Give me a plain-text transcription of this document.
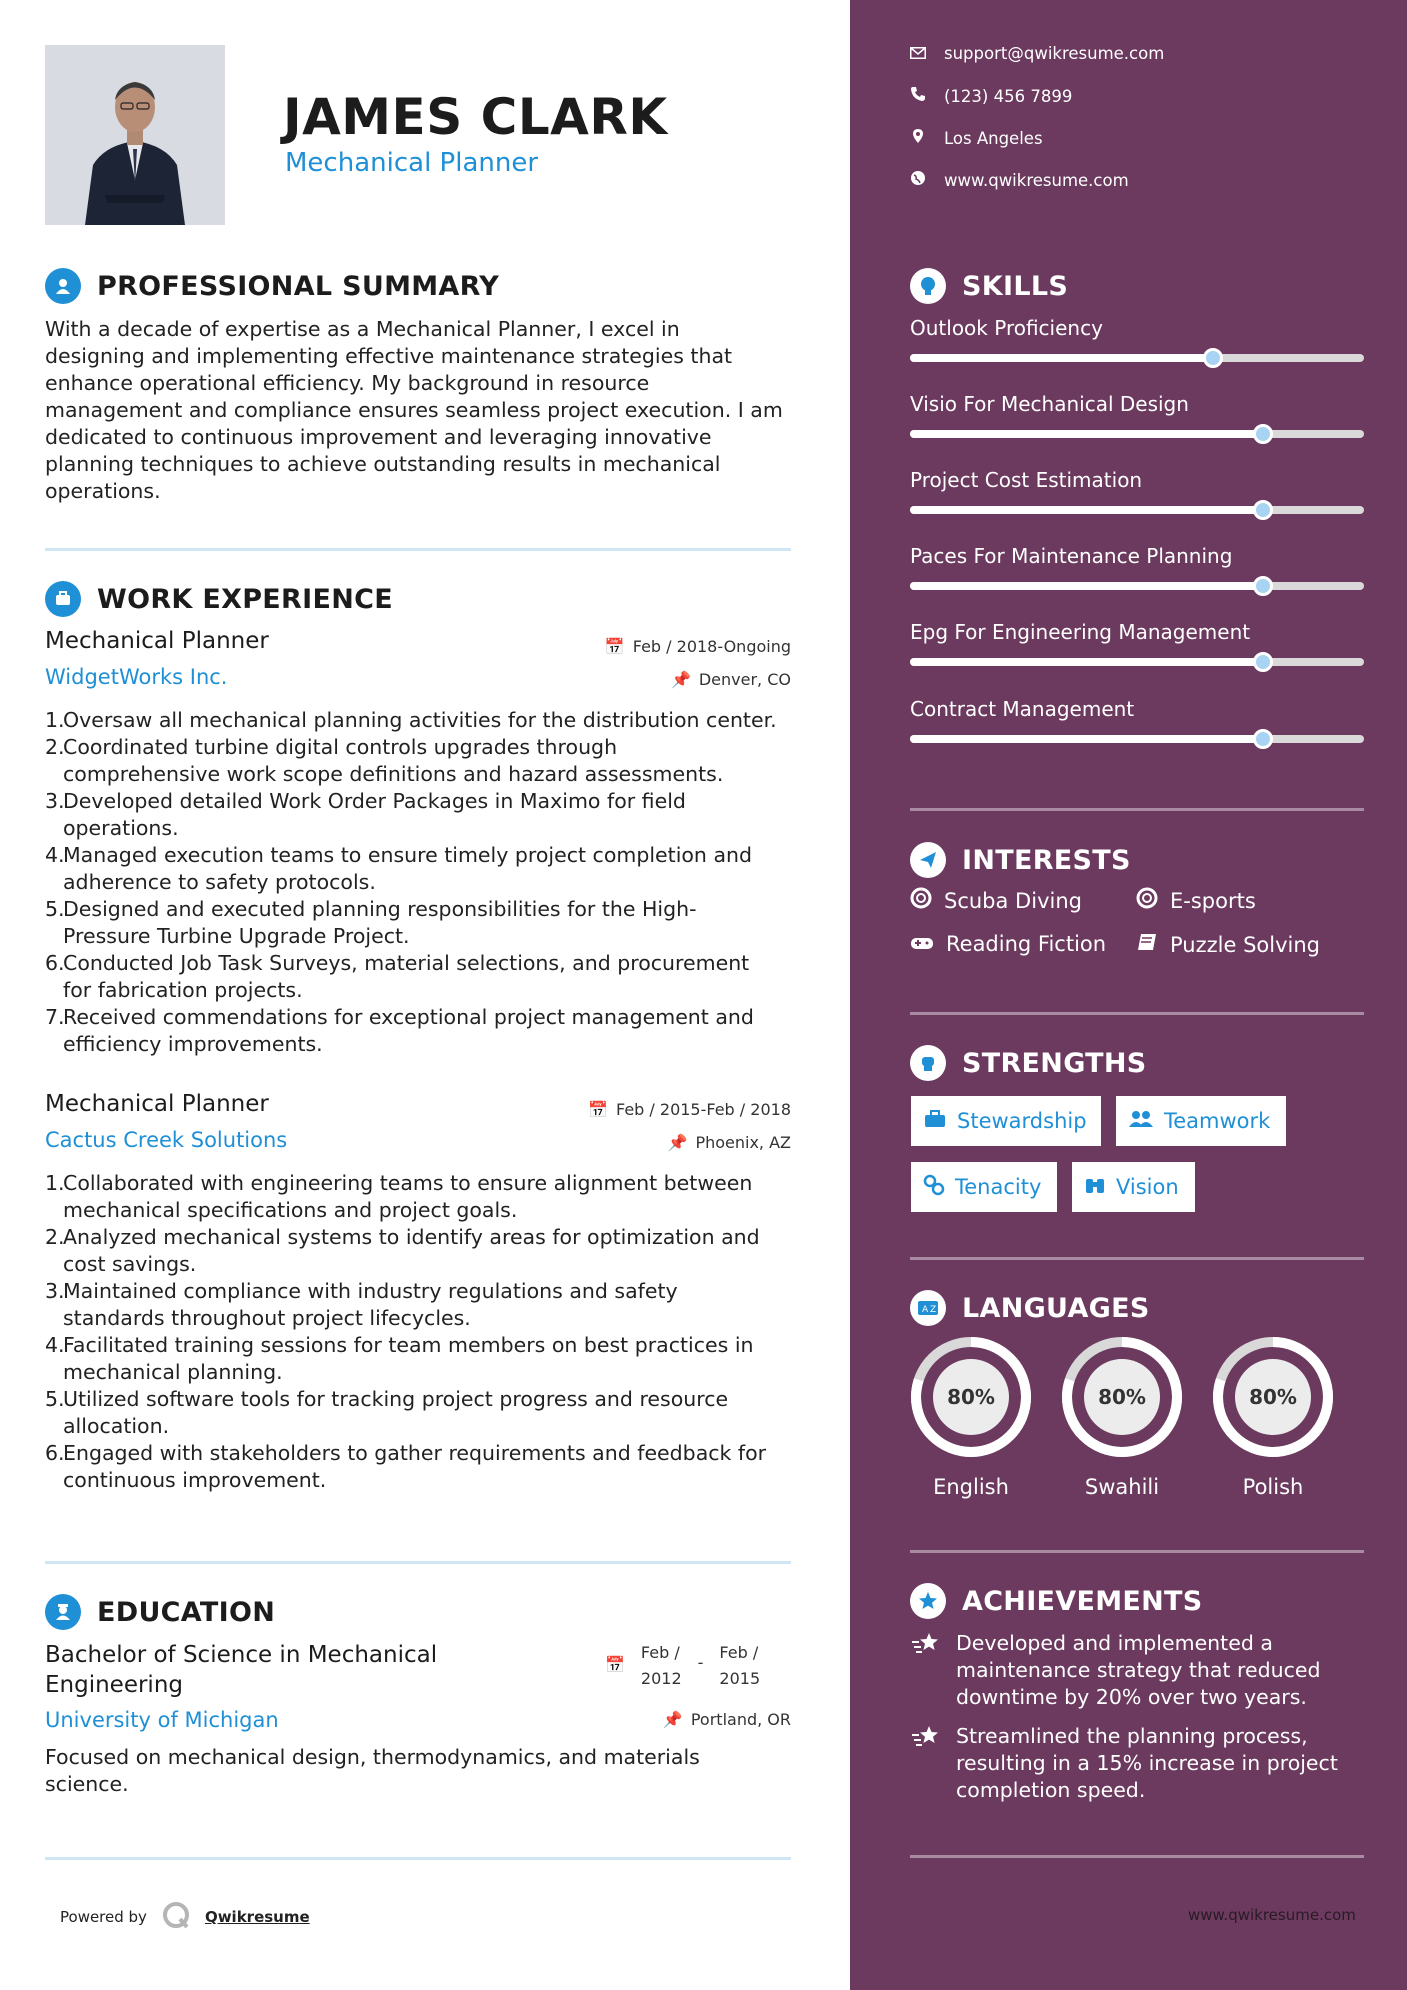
JAMES CLARK
Mechanical Planner
PROFESSIONAL SUMMARY
With a decade of expertise as a Mechanical Planner, I excel in designing and implementing effective maintenance strategies that enhance operational efficiency. My background in resource management and compliance ensures seamless project execution. I am dedicated to continuous improvement and leveraging innovative planning techniques to achieve outstanding results in mechanical operations.
WORK EXPERIENCE
Mechanical Planner	📅 Feb / 2018-Ongoing
WidgetWorks Inc.	📌 Denver, CO
1.
Oversaw all mechanical planning activities for the distribution center.
2.
Coordinated turbine digital controls upgrades through
comprehensive work scope definitions and hazard assessments.
3.
Developed detailed Work Order Packages in Maximo for field
operations.
4.
Managed execution teams to ensure timely project completion and
adherence to safety protocols.
5.
Designed and executed planning responsibilities for the High-
Pressure Turbine Upgrade Project.
6.
Conducted Job Task Surveys, material selections, and procurement
for fabrication projects.
7.
Received commendations for exceptional project management and
efficiency improvements.
Mechanical Planner	📅 Feb / 2015-Feb / 2018
Cactus Creek Solutions	📌 Phoenix, AZ
1.
Collaborated with engineering teams to ensure alignment between
mechanical specifications and project goals.
2.
Analyzed mechanical systems to identify areas for optimization and
cost savings.
3.
Maintained compliance with industry regulations and safety
standards throughout project lifecycles.
4.
Facilitated training sessions for team members on best practices in
mechanical planning.
5.
Utilized software tools for tracking project progress and resource
allocation.
6.
Engaged with stakeholders to gather requirements and feedback for
continuous improvement.
EDUCATION
Bachelor of Science in Mechanical Engineering
📅
Feb /
2012
-
Feb /
2015
University of Michigan	📌 Portland, OR
Focused on mechanical design, thermodynamics, and materials science.
Powered by	Qwikresume
support@qwikresume.com
(123) 456 7899
Los Angeles
www.qwikresume.com
SKILLS
Outlook Proficiency
Visio For Mechanical Design
Project Cost Estimation
Paces For Maintenance Planning
Epg For Engineering Management
Contract Management
INTERESTS
Scuba Diving	E-sports
Reading Fiction	Puzzle Solving
STRENGTHS
Stewardship	Teamwork
Tenacity	Vision
A Z LANGUAGES
80%
English
80%
Swahili
80%
Polish
ACHIEVEMENTS
Developed and implemented a maintenance strategy that reduced downtime by 20% over two years.
Streamlined the planning process, resulting in a 15% increase in project completion speed.
www.qwikresume.com
